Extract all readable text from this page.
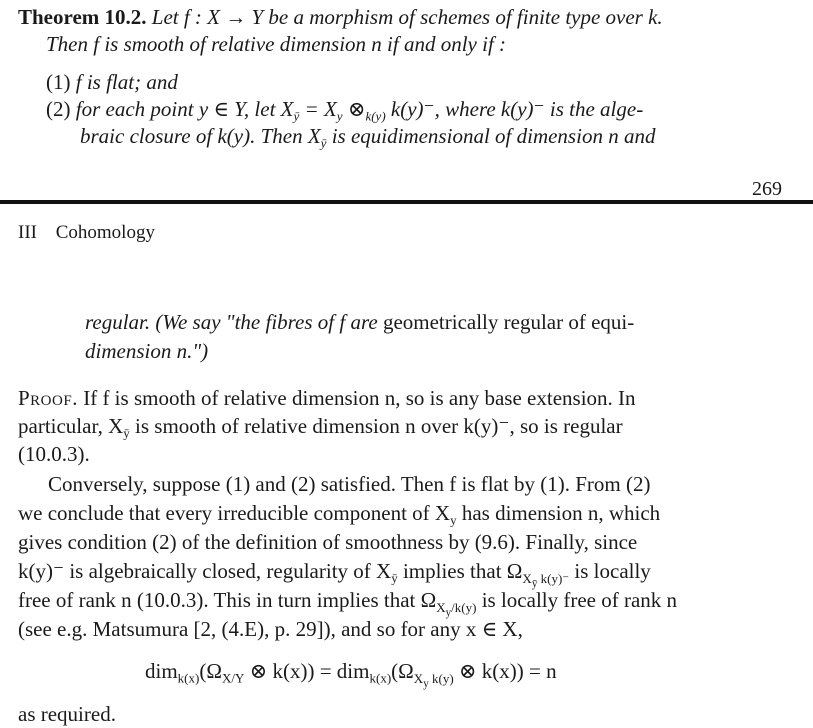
Theorem 10.2. Let f : X → Y be a morphism of schemes of finite type over k.
Then f is smooth of relative dimension n if and only if :
(1) f is flat; and
(2) for each point y ∈ Y, let $X_ȳ = X_y$ $\otimes_{k(y)}$ k(y)⁻, where k(y)⁻ is the alge-
braic closure of k(y). Then $X_ȳ$ is equidimensional of dimension n and
269
III Cohomology
regular. (We say "the fibres of f are geometrically regular of equi-
dimension n.")
Proof. If f is smooth of relative dimension n, so is any base extension. In
particular, $X_ȳ$ is smooth of relative dimension n over k(y)⁻, so is regular
(10.0.3).
Conversely, suppose (1) and (2) satisfied. Then f is flat by (1). From (2)
we conclude that every irreducible component of $X_y$ has dimension n, which
gives condition (2) of the definition of smoothness by (9.6). Finally, since
k(y)⁻ is algebraically closed, regularity of $X_ȳ$ implies that $\Omega_{X_ȳ k(y)^-}$ is locally
free of rank n (10.0.3). This in turn implies that $\Omega_{X_y/k(y)}$ is locally free of rank n
(see e.g. Matsumura [2, (4.E), p. 29]), and so for any x ∈ X,
$dim_{k(x)}(\Omega_{X/Y}$ ⊗ $k(x)) = dim_{k(x)}(\Omega_{X_y k(y)}$ ⊗ k(x)) = n
as required.
